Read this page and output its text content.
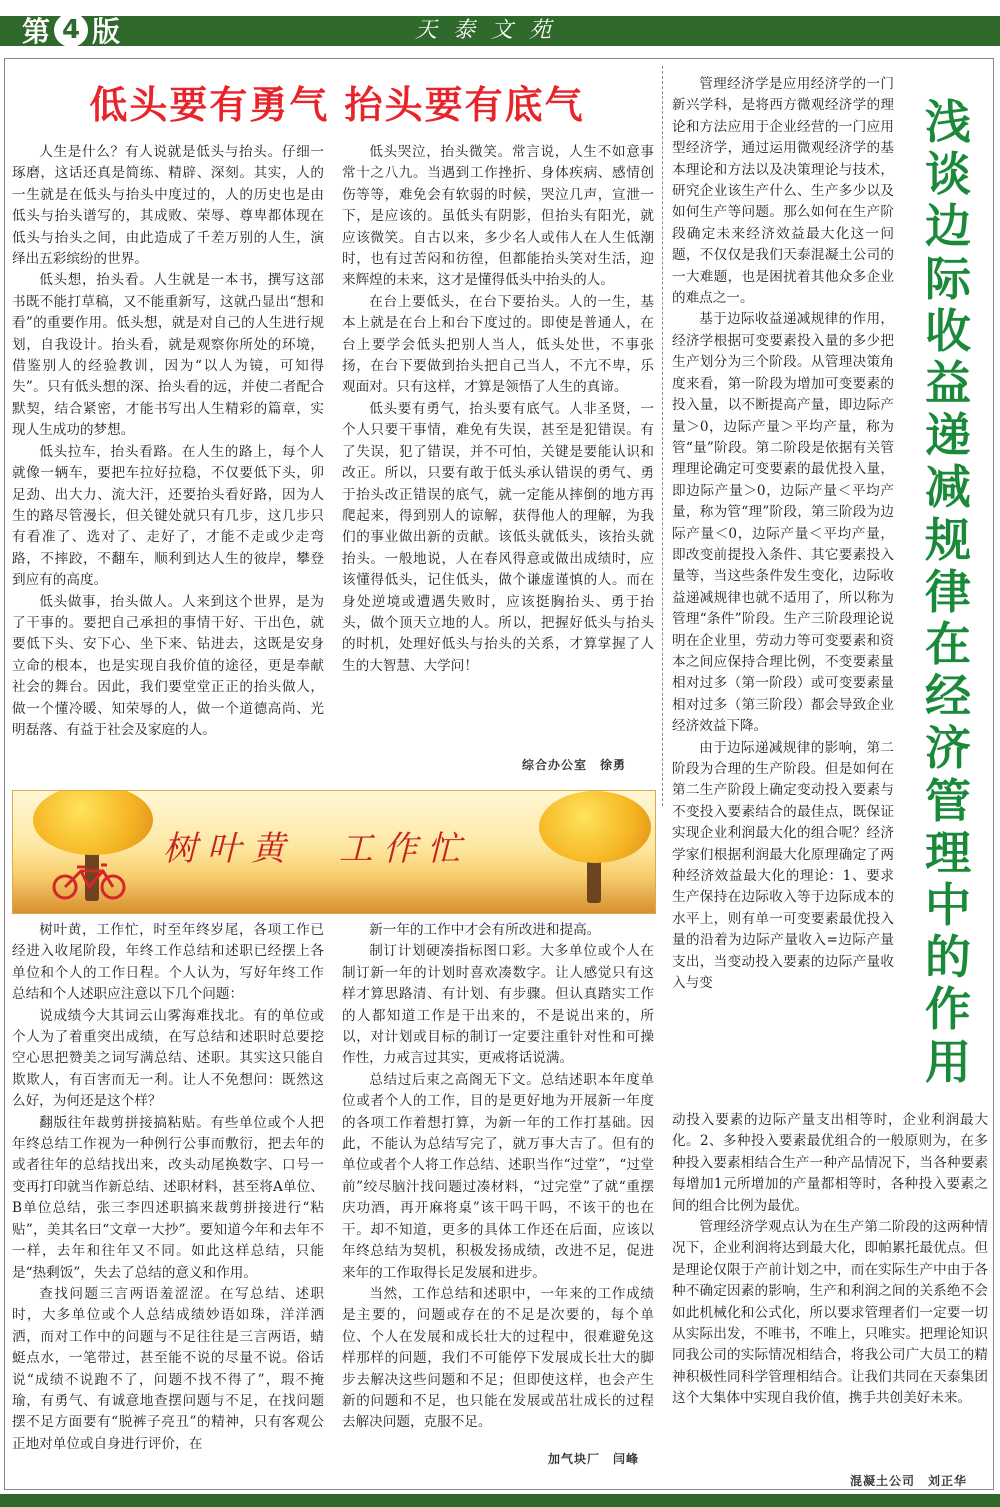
第 4 版	天泰文苑
低头要有勇气 抬头要有底气

人生是什么？有人说就是低头与抬头。仔细一琢磨，这话还真是简练、精辟、深刻。其实，人的一生就是在低头与抬头中度过的，人的历史也是由低头与抬头谱写的，其成败、荣辱、尊卑都体现在低头与抬头之间，由此造成了千差万别的人生，演绎出五彩缤纷的世界。

低头想，抬头看。人生就是一本书，撰写这部书既不能打草稿，又不能重新写，这就凸显出“想和看”的重要作用。低头想，就是对自己的人生进行规划，自我设计。抬头看，就是观察你所处的环境，借鉴别人的经验教训，因为“以人为镜，可知得失”。只有低头想的深、抬头看的远，并使二者配合默契，结合紧密，才能书写出人生精彩的篇章，实现人生成功的梦想。

低头拉车，抬头看路。在人生的路上，每个人就像一辆车，要把车拉好拉稳，不仅要低下头，卯足劲、出大力、流大汗，还要抬头看好路，因为人生的路尽管漫长，但关键处就只有几步，这几步只有看准了、选对了、走好了，才能不走或少走弯路，不摔跤，不翻车，顺利到达人生的彼岸，攀登到应有的高度。

低头做事，抬头做人。人来到这个世界，是为了干事的。要把自己承担的事情干好、干出色，就要低下头、安下心、坐下来、钻进去，这既是安身立命的根本，也是实现自我价值的途径，更是奉献社会的舞台。因此，我们要堂堂正正的抬头做人，做一个懂冷暖、知荣辱的人，做一个道德高尚、光明磊落、有益于社会及家庭的人。

低头哭泣，抬头微笑。常言说，人生不如意事常十之八九。当遇到工作挫折、身体疾病、感情创伤等等，难免会有软弱的时候，哭泣几声，宣泄一下，是应该的。虽低头有阴影，但抬头有阳光，就应该微笑。自古以来，多少名人或伟人在人生低潮时，也有过苦闷和彷徨，但都能抬头笑对生活，迎来辉煌的未来，这才是懂得低头中抬头的人。

在台上要低头，在台下要抬头。人的一生，基本上就是在台上和台下度过的。即使是普通人，在台上要学会低头把别人当人，低头处世，不事张扬，在台下要做到抬头把自己当人，不亢不卑，乐观面对。只有这样，才算是领悟了人生的真谛。

低头要有勇气，抬头要有底气。人非圣贤，一个人只要干事情，难免有失误，甚至是犯错误。有了失误，犯了错误，并不可怕，关键是要能认识和改正。所以，只要有敢于低头承认错误的勇气、勇于抬头改正错误的底气，就一定能从摔倒的地方再爬起来，得到别人的谅解，获得他人的理解，为我们的事业做出新的贡献。该低头就低头，该抬头就抬头。一般地说，人在春风得意或做出成绩时，应该懂得低头，记住低头，做个谦虚谨慎的人。而在身处逆境或遭遇失败时，应该挺胸抬头、勇于抬头，做个顶天立地的人。所以，把握好低头与抬头的时机，处理好低头与抬头的关系，才算掌握了人生的大智慧、大学问！

综合办公室　徐勇
树叶黄　工作忙

树叶黄，工作忙，时至年终岁尾，各项工作已经进入收尾阶段，年终工作总结和述职已经摆上各单位和个人的工作日程。个人认为，写好年终工作总结和个人述职应注意以下几个问题：

说成绩今大其词云山雾海难找北。有的单位或个人为了着重突出成绩，在写总结和述职时总要挖空心思把赞美之词写满总结、述职。其实这只能自欺欺人，有百害而无一利。让人不免想问：既然这么好，为何还是这个样？

翻版往年裁剪拼接搞粘贴。有些单位或个人把年终总结工作视为一种例行公事而敷衍，把去年的或者往年的总结找出来，改头动尾换数字、口号一变再打印就当作新总结、述职材料，甚至将A单位、B单位总结，张三李四述职搞来裁剪拼接进行“粘贴”，美其名曰“文章一大抄”。要知道今年和去年不一样，去年和往年又不同。如此这样总结，只能是“热剩饭”，失去了总结的意义和作用。

查找问题三言两语羞涩涩。在写总结、述职时，大多单位或个人总结成绩妙语如珠，洋洋洒洒，而对工作中的问题与不足往往是三言两语，蜻蜓点水，一笔带过，甚至能不说的尽量不说。俗话说“成绩不说跑不了，问题不找不得了”，瑕不掩瑜，有勇气、有诚意地查摆问题与不足，在找问题摆不足方面要有“脱裤子亮丑”的精神，只有客观公正地对单位或自身进行评价，在

新一年的工作中才会有所改进和提高。

制订计划硬凑指标图口彩。大多单位或个人在制订新一年的计划时喜欢凑数字。让人感觉只有这样才算思路清、有计划、有步骤。但认真踏实工作的人都知道工作是干出来的，不是说出来的，所以，对计划或目标的制订一定要注重针对性和可操作性，力戒言过其实，更戒将话说满。

总结过后束之高阁无下文。总结述职本年度单位或者个人的工作，目的是更好地为开展新一年度的各项工作着想打算，为新一年的工作打基础。因此，不能认为总结写完了，就万事大吉了。但有的单位或者个人将工作总结、述职当作“过堂”，“过堂前”绞尽脑汁找问题过凑材料，“过完堂”了就“重摆庆功酒，再开麻将桌”该干吗干吗，不该干的也在干。却不知道，更多的具体工作还在后面，应该以年终总结为契机，积极发扬成绩，改进不足，促进来年的工作取得长足发展和进步。

当然，工作总结和述职中，一年来的工作成绩是主要的，问题或存在的不足是次要的，每个单位、个人在发展和成长壮大的过程中，很难避免这样那样的问题，我们不可能停下发展成长壮大的脚步去解决这些问题和不足；但即使这样，也会产生新的问题和不足，也只能在发展或茁壮成长的过程去解决问题，克服不足。

加气块厂　闫峰
浅谈边际收益递减规律在经济管理中的作用

管理经济学是应用经济学的一门新兴学科，是将西方微观经济学的理论和方法应用于企业经营的一门应用型经济学，通过运用微观经济学的基本理论和方法以及决策理论与技术，研究企业该生产什么、生产多少以及如何生产等问题。那么如何在生产阶段确定未来经济效益最大化这一问题，不仅仅是我们天泰混凝土公司的一大难题，也是困扰着其他众多企业的难点之一。

基于边际收益递减规律的作用，经济学根据可变要素投入量的多少把生产划分为三个阶段。从管理决策角度来看，第一阶段为增加可变要素的投入量，以不断提高产量，即边际产量＞0，边际产量＞平均产量，称为管“量”阶段。第二阶段是依据有关管理理论确定可变要素的最优投入量，即边际产量＞0，边际产量＜平均产量，称为管“理”阶段，第三阶段为边际产量＜0，边际产量＜平均产量，即改变前提投入条件、其它要素投入量等，当这些条件发生变化，边际收益递减规律也就不适用了，所以称为管理“条件”阶段。生产三阶段理论说明在企业里，劳动力等可变要素和资本之间应保持合理比例，不变要素量相对过多（第一阶段）或可变要素量相对过多（第三阶段）都会导致企业经济效益下降。

由于边际递减规律的影响，第二阶段为合理的生产阶段。但是如何在第二生产阶段上确定变动投入要素与不变投入要素结合的最佳点，既保证实现企业利润最大化的组合呢？经济学家们根据利润最大化原理确定了两种经济效益最大化的理论：1、要求生产保持在边际收入等于边际成本的水平上，则有单一可变要素最优投入量的沿着为边际产量收入=边际产量支出，当变动投入要素的边际产量收入与变

动投入要素的边际产量支出相等时，企业利润最大化。2、多种投入要素最优组合的一般原则为，在多种投入要素相结合生产一种产品情况下，当各种要素每增加1元所增加的产量都相等时，各种投入要素之间的组合比例为最优。

管理经济学观点认为在生产第二阶段的这两种情况下，企业利润将达到最大化，即帕累托最优点。但是理论仅限于产前计划之中，而在实际生产中由于各种不确定因素的影响，生产和利润之间的关系绝不会如此机械化和公式化，所以要求管理者们一定要一切从实际出发，不唯书，不唯上，只唯实。把理论知识同我公司的实际情况相结合，将我公司广大员工的精神积极性同科学管理相结合。让我们共同在天泰集团这个大集体中实现自我价值，携手共创美好未来。

混凝土公司　刘正华
